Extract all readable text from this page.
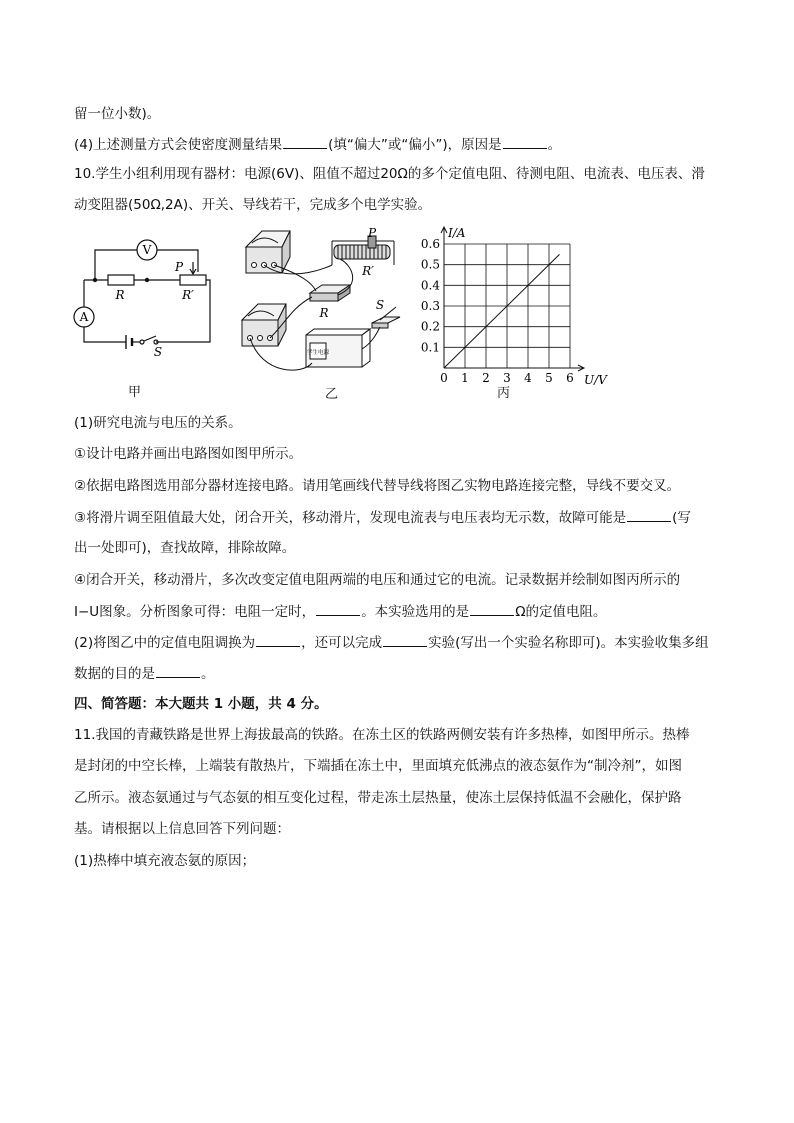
留一位小数)。
(4)上述测量方式会使密度测量结果	(填“偏大”或“偏小”)，原因是	。
10.学生小组利用现有器材：电源(6V)、阻值不超过20Ω的多个定值电阻、待测电阻、电流表、电压表、滑
动变阻器(50Ω,2A)、开关、导线若干，完成多个电学实验。
V
A
R
P
R′
S
甲
P
R′
R
S
学生电源
乙
0 1 2 3 4 5 6
0.1
0.2
0.3
0.4
0.5
0.6
I/A
U/V
丙
(1)研究电流与电压的关系。
①设计电路并画出电路图如图甲所示。
②依据电路图选用部分器材连接电路。请用笔画线代替导线将图乙实物电路连接完整，导线不要交叉。
③将滑片调至阻值最大处，闭合开关，移动滑片，发现电流表与电压表均无示数，故障可能是	(写
出一处即可)，查找故障，排除故障。
④闭合开关，移动滑片，多次改变定值电阻两端的电压和通过它的电流。记录数据并绘制如图丙所示的
I−U图象。分析图象可得：电阻一定时，	。本实验选用的是	Ω的定值电阻。
(2)将图乙中的定值电阻调换为	，还可以完成	实验(写出一个实验名称即可)。本实验收集多组
数据的目的是	。
四、简答题：本大题共 1 小题，共 4 分。
11.我国的青藏铁路是世界上海拔最高的铁路。在冻土区的铁路两侧安装有许多热棒，如图甲所示。热棒
是封闭的中空长棒，上端装有散热片，下端插在冻土中，里面填充低沸点的液态氨作为“制冷剂”，如图
乙所示。液态氨通过与气态氨的相互变化过程，带走冻土层热量，使冻土层保持低温不会融化，保护路
基。请根据以上信息回答下列问题：
(1)热棒中填充液态氨的原因；
